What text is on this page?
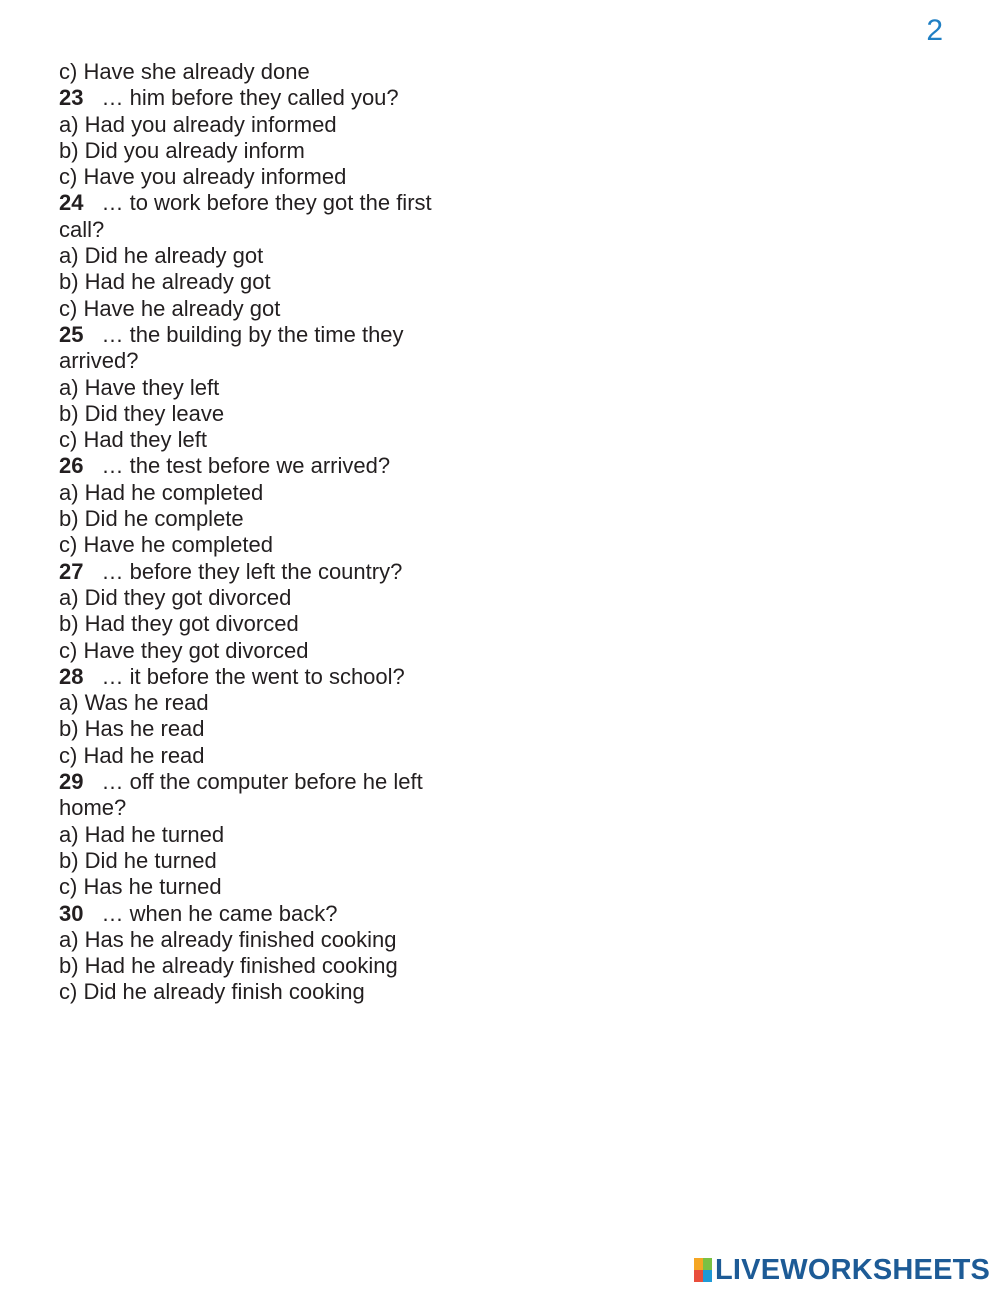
2
c) Have she already done
23 … him before they called you?
a) Had you already informed
b) Did you already inform
c) Have you already informed
24 … to work before they got the first
call?
a) Did he already got
b) Had he already got
c) Have he already got
25 … the building by the time they
arrived?
a) Have they left
b) Did they leave
c) Had they left
26 … the test before we arrived?
a) Had he completed
b) Did he complete
c) Have he completed
27 … before they left the country?
a) Did they got divorced
b) Had they got divorced
c) Have they got divorced
28 … it before the went to school?
a) Was he read
b) Has he read
c) Had he read
29 … off the computer before he left
home?
a) Had he turned
b) Did he turned
c) Has he turned
30 … when he came back?
a) Has he already finished cooking
b) Had he already finished cooking
c) Did he already finish cooking
LIVEWORKSHEETS
